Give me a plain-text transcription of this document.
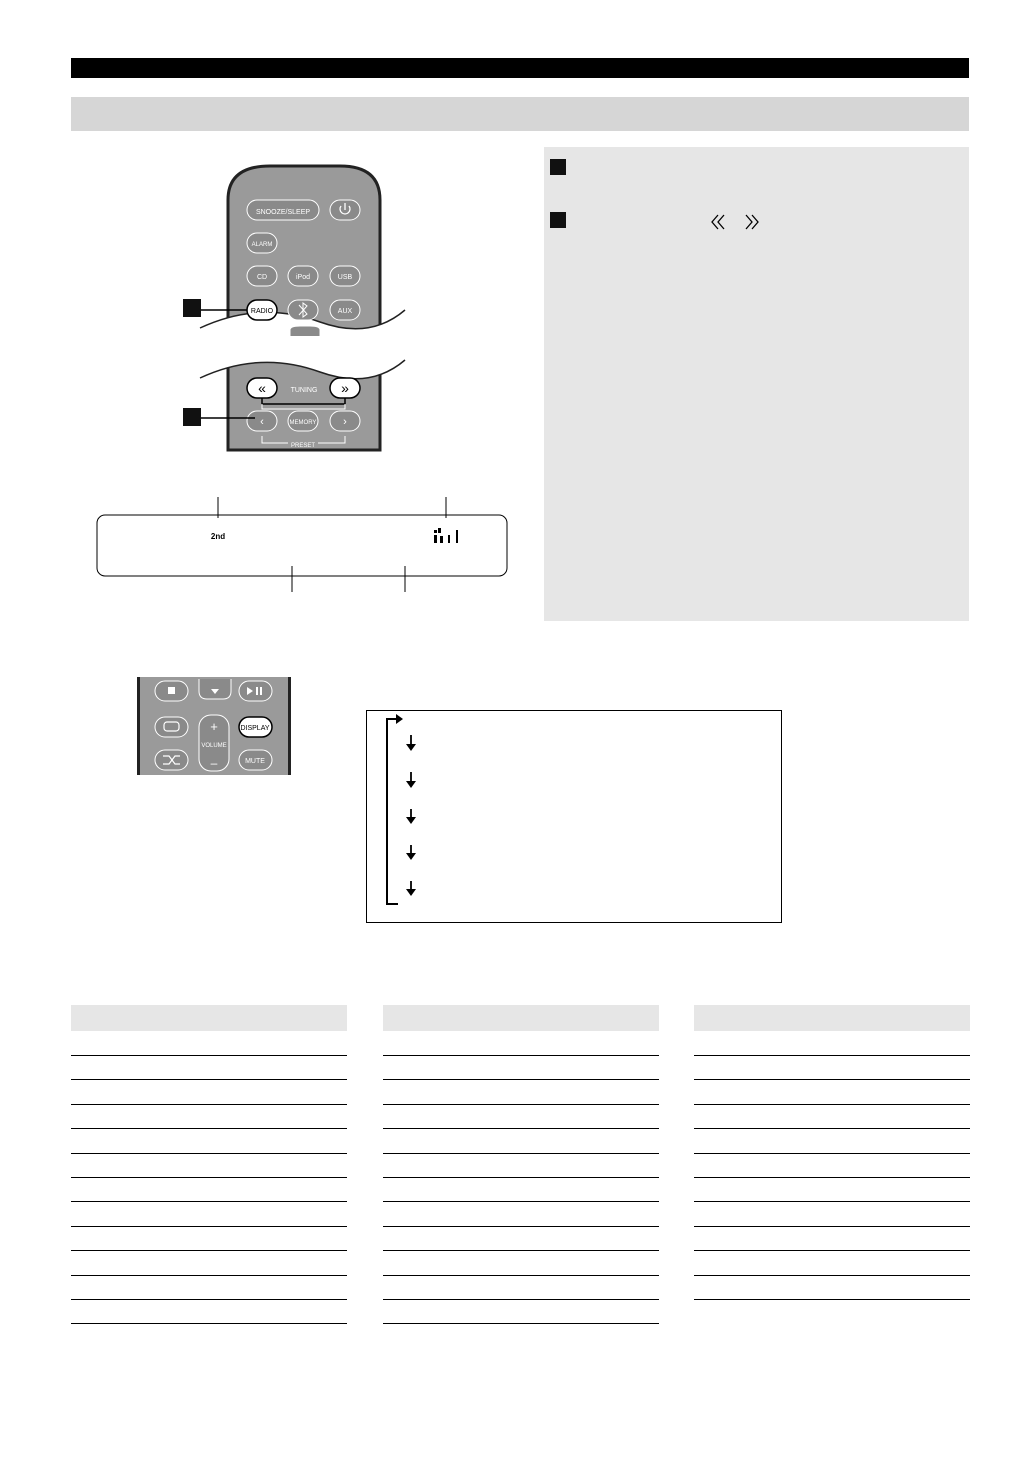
SNOOZE/SLEEP
ALARM
CD	iPod	USB
RADIO	AUX
«	TUNING »
‹	MEMORY ›
PRESET
2nd
+
VOLUME
–
DISPLAY
MUTE
